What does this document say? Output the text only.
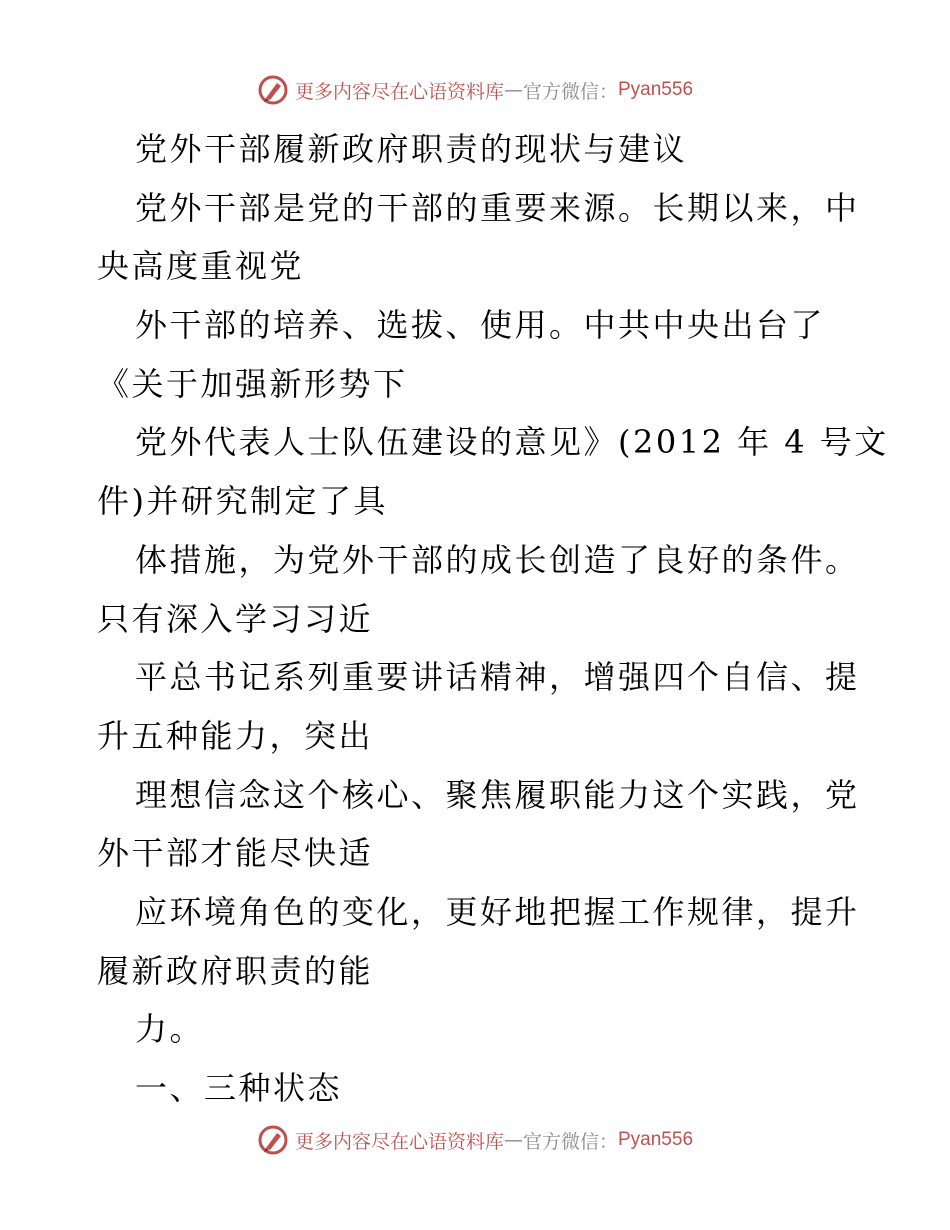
更多内容尽在心语资料库 — 官方微信： Pyan556
党外干部履新政府职责的现状与建议
党外干部是党的干部的重要来源。长期以来，中
央高度重视党
外干部的培养、选拔、使用。中共中央出台了
《关于加强新形势下
党外代表人士队伍建设的意见》(2012 年 4 号文
件)并研究制定了具
体措施，为党外干部的成长创造了良好的条件。
只有深入学习习近
平总书记系列重要讲话精神，增强四个自信、提
升五种能力，突出
理想信念这个核心、聚焦履职能力这个实践，党
外干部才能尽快适
应环境角色的变化，更好地把握工作规律，提升
履新政府职责的能
力。
一、三种状态
更多内容尽在心语资料库 — 官方微信： Pyan556
